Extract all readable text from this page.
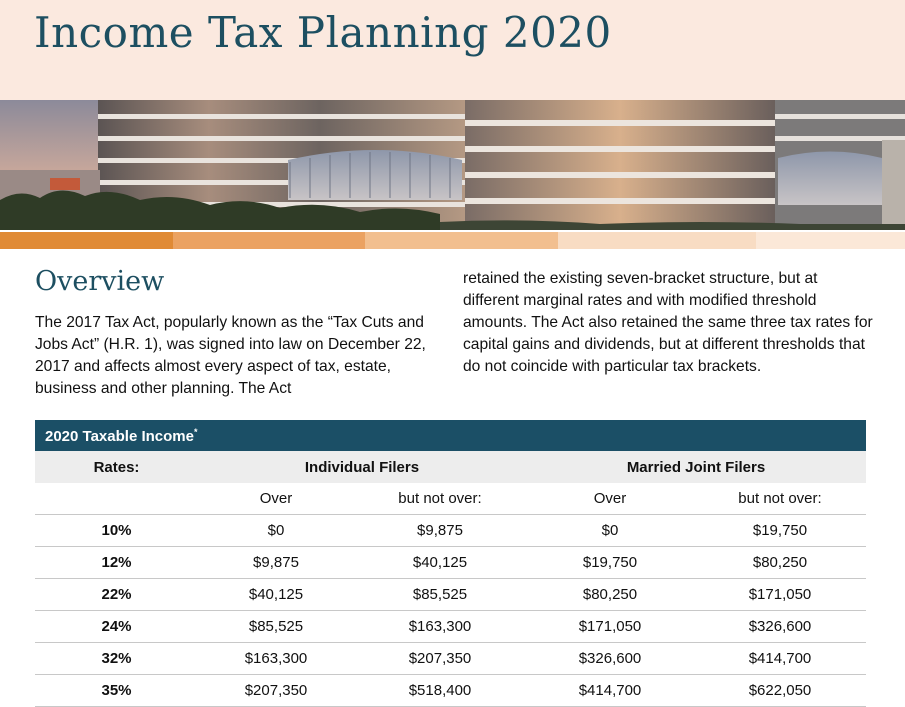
Income Tax Planning 2020
Overview

The 2017 Tax Act, popularly known as the “Tax Cuts and Jobs Act” (H.R. 1), was signed into law on December 22, 2017 and affects almost every aspect of tax, estate, business and other planning. The Act

retained the existing seven-bracket structure, but at different marginal rates and with modified threshold amounts. The Act also retained the same three tax rates for capital gains and dividends, but at different thresholds that do not coincide with particular tax brackets.

2020 Taxable Income*
Rates:	Individual Filers		Married Joint Filers	
	Over	but not over:	Over	but not over:
10%	$0	$9,875	$0	$19,750
12%	$9,875	$40,125	$19,750	$80,250
22%	$40,125	$85,525	$80,250	$171,050
24%	$85,525	$163,300	$171,050	$326,600
32%	$163,300	$207,350	$326,600	$414,700
35%	$207,350	$518,400	$414,700	$622,050
